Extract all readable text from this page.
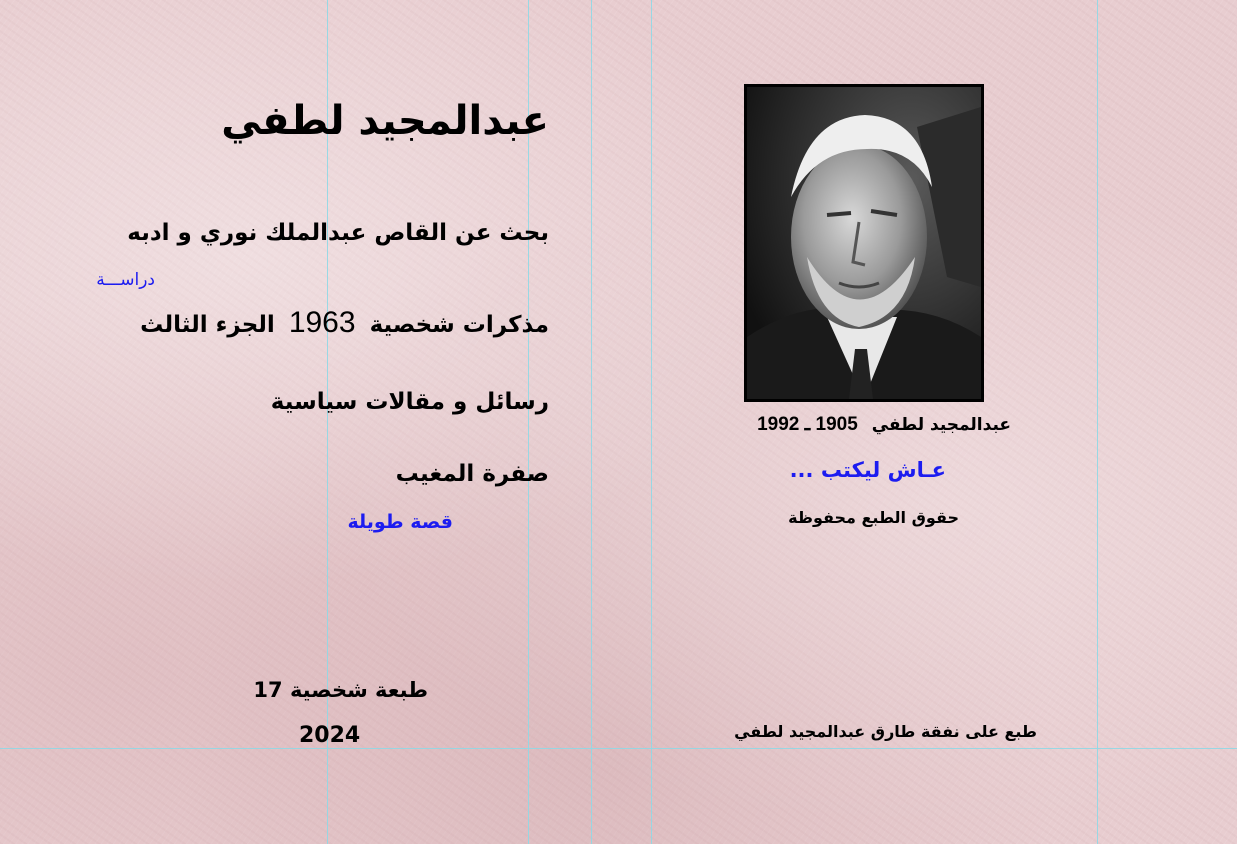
عبدالمجيد لطفي
بحث عن القاص عبدالملك نوري و ادبه
دراســـة
مذكرات شخصية 1963 الجزء الثالث
رسائل و مقالات سياسية
صفرة المغيب
قصة طويلة
طبعة شخصية 17
2024
عبدالمجيد لطفي 1905 ـ 1992
عـاش ليكتب ...
حقوق الطبع محفوظة
طبع على نفقة طارق عبدالمجيد لطفي
